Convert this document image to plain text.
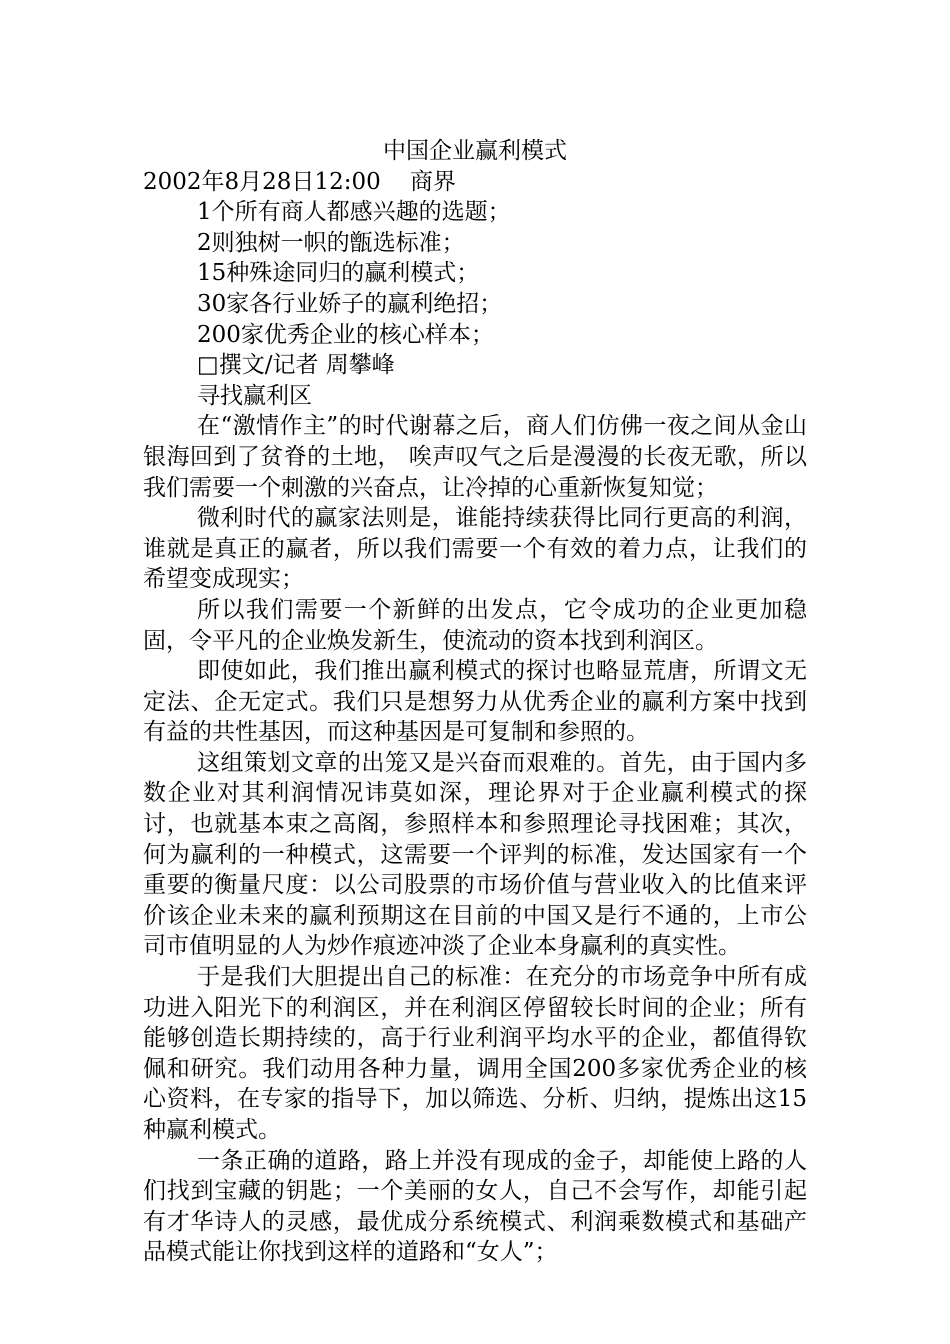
中国企业赢利模式

2002年8月28日12:00    商界

1个所有商人都感兴趣的选题；

2则独树一帜的甑选标准；

15种殊途同归的赢利模式；

30家各行业娇子的赢利绝招；

200家优秀企业的核心样本；

□撰文/记者 周攀峰

寻找赢利区

在“激情作主”的时代谢幕之后，商人们仿佛一夜之间从金山银海回到了贫脊的土地， 唉声叹气之后是漫漫的长夜无歌，所以我们需要一个刺激的兴奋点，让冷掉的心重新恢复知觉；

微利时代的赢家法则是，谁能持续获得比同行更高的利润，谁就是真正的赢者，所以我们需要一个有效的着力点，让我们的希望变成现实；

所以我们需要一个新鲜的出发点，它令成功的企业更加稳固，令平凡的企业焕发新生，使流动的资本找到利润区。

即使如此，我们推出赢利模式的探讨也略显荒唐，所谓文无定法、企无定式。我们只是想努力从优秀企业的赢利方案中找到有益的共性基因，而这种基因是可复制和参照的。

这组策划文章的出笼又是兴奋而艰难的。首先，由于国内多数企业对其利润情况讳莫如深，理论界对于企业赢利模式的探讨，也就基本束之高阁，参照样本和参照理论寻找困难；其次，何为赢利的一种模式，这需要一个评判的标准，发达国家有一个重要的衡量尺度：以公司股票的市场价值与营业收入的比值来评价该企业未来的赢利预期这在目前的中国又是行不通的，上市公司市值明显的人为炒作痕迹冲淡了企业本身赢利的真实性。

于是我们大胆提出自己的标准：在充分的市场竞争中所有成功进入阳光下的利润区，并在利润区停留较长时间的企业；所有能够创造长期持续的，高于行业利润平均水平的企业，都值得钦佩和研究。我们动用各种力量，调用全国200多家优秀企业的核心资料，在专家的指导下，加以筛选、分析、归纳，提炼出这15种赢利模式。

一条正确的道路，路上并没有现成的金子，却能使上路的人们找到宝藏的钥匙；一个美丽的女人，自己不会写作，却能引起有才华诗人的灵感，最优成分系统模式、利润乘数模式和基础产品模式能让你找到这样的道路和“女人”；
